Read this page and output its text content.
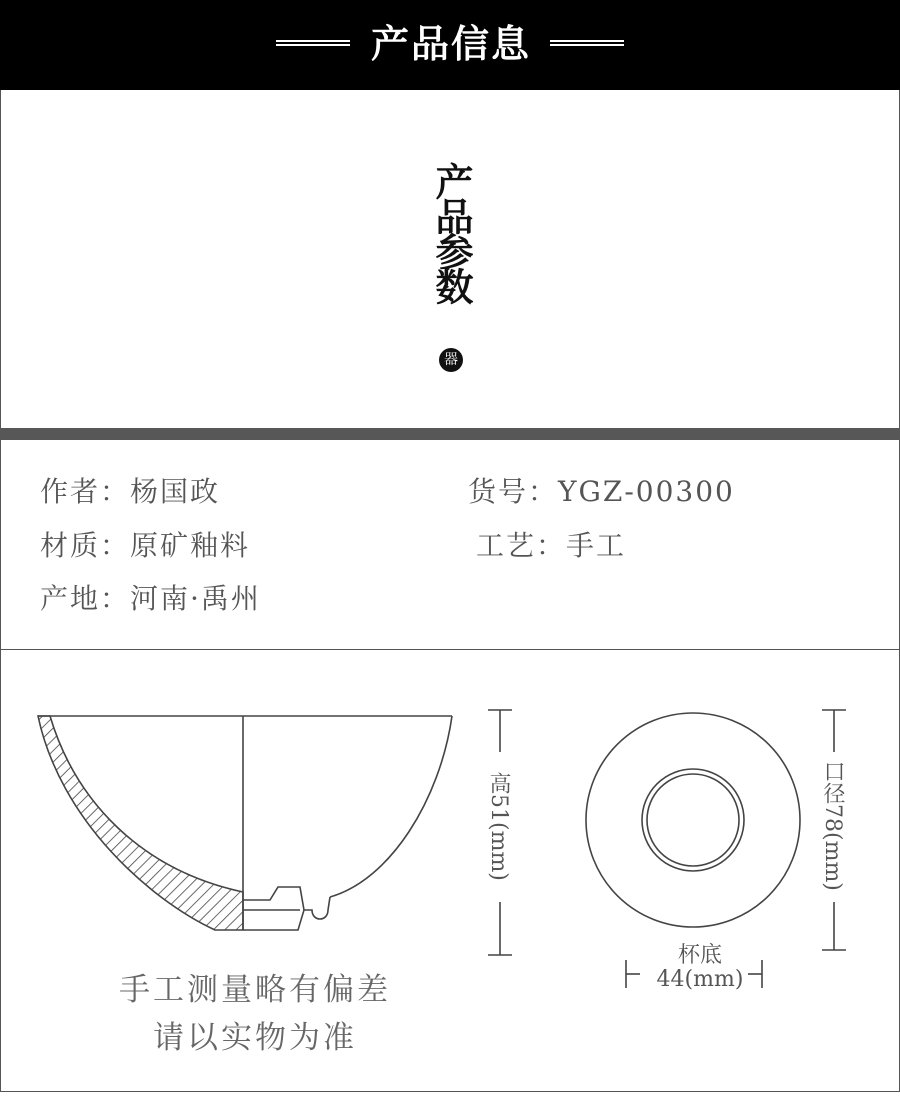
产品信息
产品参数
器
作者：杨国政	货号：YGZ-00300
材质：原矿釉料	工艺：手工
产地：河南·禹州
高51(mm)	口径78(mm)
杯底
44(mm)
手工测量略有偏差
请以实物为准
